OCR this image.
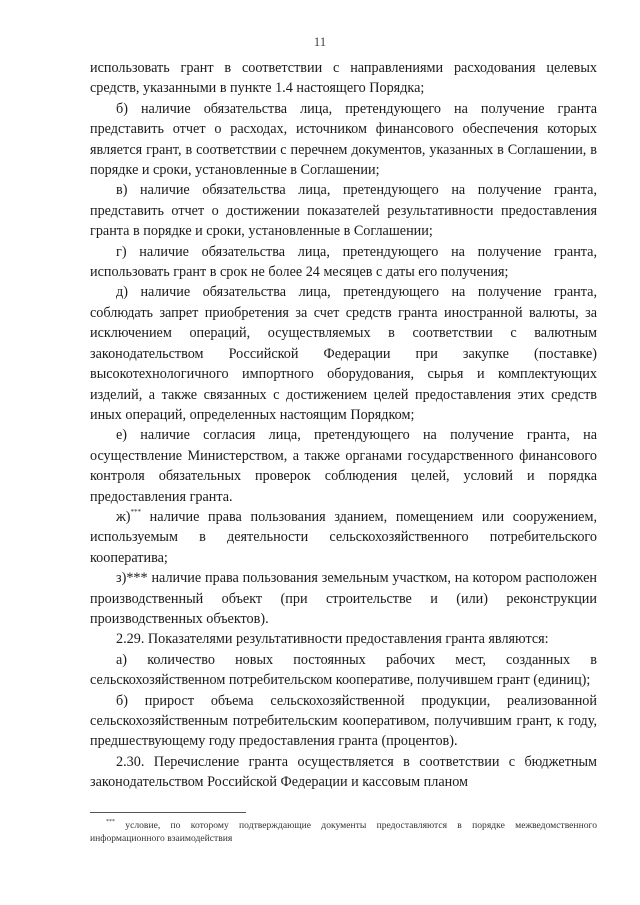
11

использовать грант в соответствии с направлениями расходования целевых средств, указанными в пункте 1.4 настоящего Порядка;

б) наличие обязательства лица, претендующего на получение гранта представить отчет о расходах, источником финансового обеспечения которых является грант, в соответствии с перечнем документов, указанных в Соглашении, в порядке и сроки, установленные в Соглашении;

в) наличие обязательства лица, претендующего на получение гранта, представить отчет о достижении показателей результативности предоставления гранта в порядке и сроки, установленные в Соглашении;

г) наличие обязательства лица, претендующего на получение гранта, использовать грант в срок не более 24 месяцев с даты его получения;

д) наличие обязательства лица, претендующего на получение гранта, соблюдать запрет приобретения за счет средств гранта иностранной валюты, за исключением операций, осуществляемых в соответствии с валютным законодательством Российской Федерации при закупке (поставке) высокотехнологичного импортного оборудования, сырья и комплектующих изделий, а также связанных с достижением целей предоставления этих средств иных операций, определенных настоящим Порядком;

е) наличие согласия лица, претендующего на получение гранта, на осуществление Министерством, а также органами государственного финансового контроля обязательных проверок соблюдения целей, условий и порядка предоставления гранта.

ж)*** наличие права пользования зданием, помещением или сооружением, используемым в деятельности сельскохозяйственного потребительского кооператива;

з)*** наличие права пользования земельным участком, на котором расположен производственный объект (при строительстве и (или) реконструкции производственных объектов).

2.29. Показателями результативности предоставления гранта являются:

а) количество новых постоянных рабочих мест, созданных в сельскохозяйственном потребительском кооперативе, получившем грант (единиц);

б) прирост объема сельскохозяйственной продукции, реализованной сельскохозяйственным потребительским кооперативом, получившим грант, к году, предшествующему году предоставления гранта (процентов).

2.30. Перечисление гранта осуществляется в соответствии с бюджетным законодательством Российской Федерации и кассовым планом

*** условие, по которому подтверждающие документы предоставляются в порядке межведомственного информационного взаимодействия
